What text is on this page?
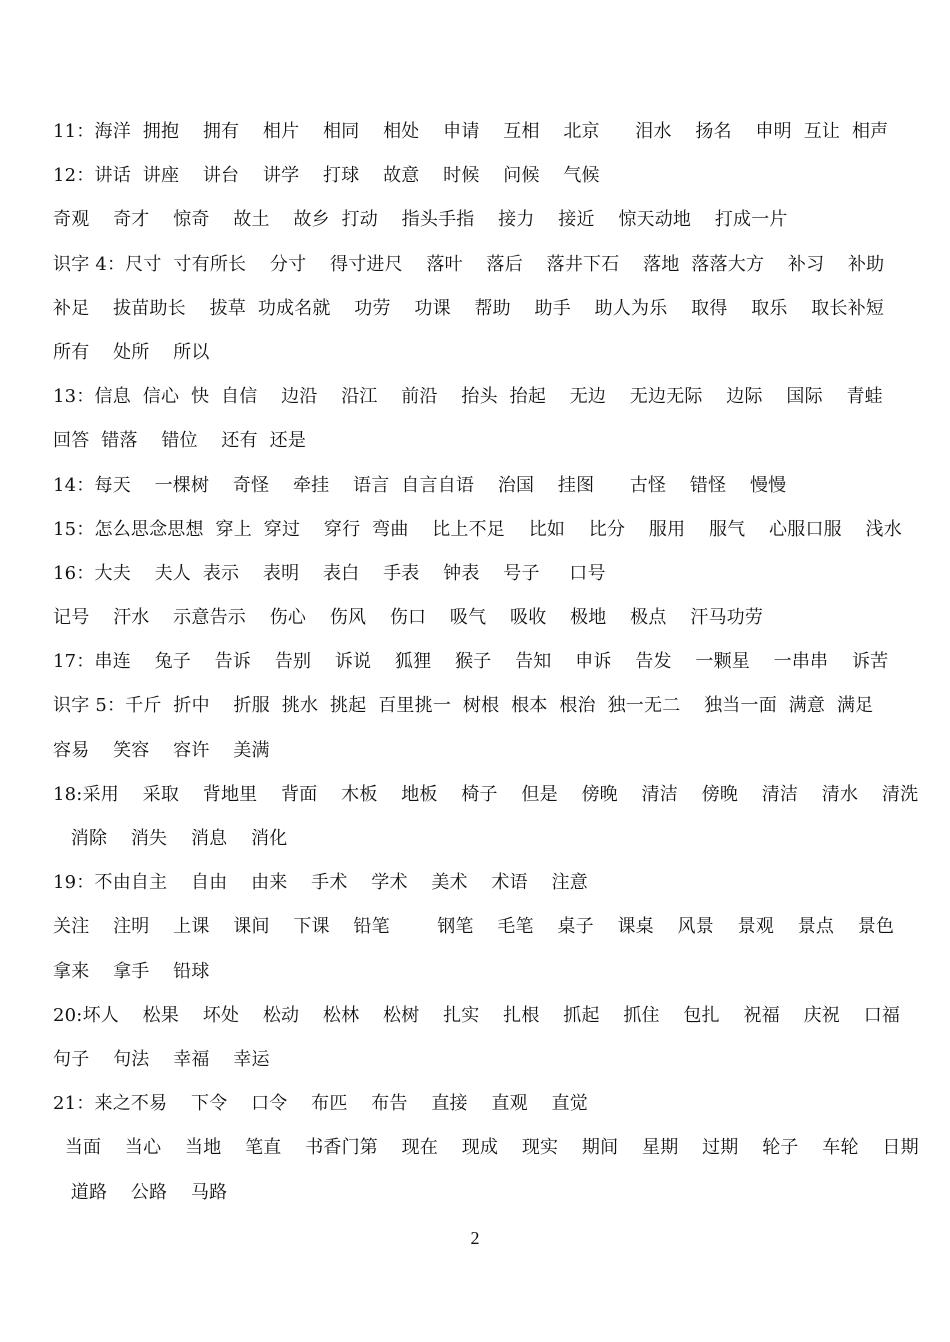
11：海洋  拥抱    拥有    相片    相同    相处    申请    互相    北京      泪水    扬名    申明  互让  相声
12：讲话  讲座    讲台    讲学    打球    故意    时候    问候    气候
奇观    奇才    惊奇    故土    故乡  打动    指头手指    接力    接近    惊天动地    打成一片
识字 4：尺寸  寸有所长    分寸    得寸进尺    落叶    落后    落井下石    落地  落落大方    补习    补助
补足    拔苗助长    拔草  功成名就    功劳    功课    帮助    助手    助人为乐    取得    取乐    取长补短
所有    处所    所以
13：信息  信心  快  自信    边沿    沿江    前沿    抬头  抬起    无边    无边无际    边际    国际    青蛙
回答  错落    错位    还有  还是
14：每天    一棵树    奇怪    牵挂    语言  自言自语    治国    挂图      古怪    错怪    慢慢
15：怎么思念思想  穿上  穿过    穿行  弯曲    比上不足    比如    比分    服用    服气    心服口服    浅水
16：大夫    夫人  表示    表明    表白    手表    钟表    号子     口号
记号    汗水    示意告示    伤心    伤风    伤口    吸气    吸收    极地    极点    汗马功劳
17：串连    兔子    告诉    告别    诉说    狐狸    猴子    告知    申诉    告发    一颗星    一串串    诉苦
识字 5：千斤  折中    折服  挑水  挑起  百里挑一  树根  根本  根治  独一无二    独当一面  满意  满足
容易    笑容    容许    美满
18:采用    采取    背地里    背面    木板    地板    椅子    但是    傍晚    清洁    傍晚    清洁    清水    清洗
消除    消失    消息    消化
19：不由自主    自由    由来    手术    学术    美术    术语    注意
关注    注明    上课    课间    下课    铅笔        钢笔    毛笔    桌子    课桌    风景    景观    景点    景色
拿来    拿手    铅球
20:坏人    松果    坏处    松动    松林    松树    扎实    扎根    抓起    抓住    包扎    祝福    庆祝    口福
句子    句法    幸福    幸运
21：来之不易    下令    口令    布匹    布告    直接    直观    直觉
当面    当心    当地    笔直    书香门第    现在    现成    现实    期间    星期    过期    轮子    车轮    日期
道路    公路    马路
2
